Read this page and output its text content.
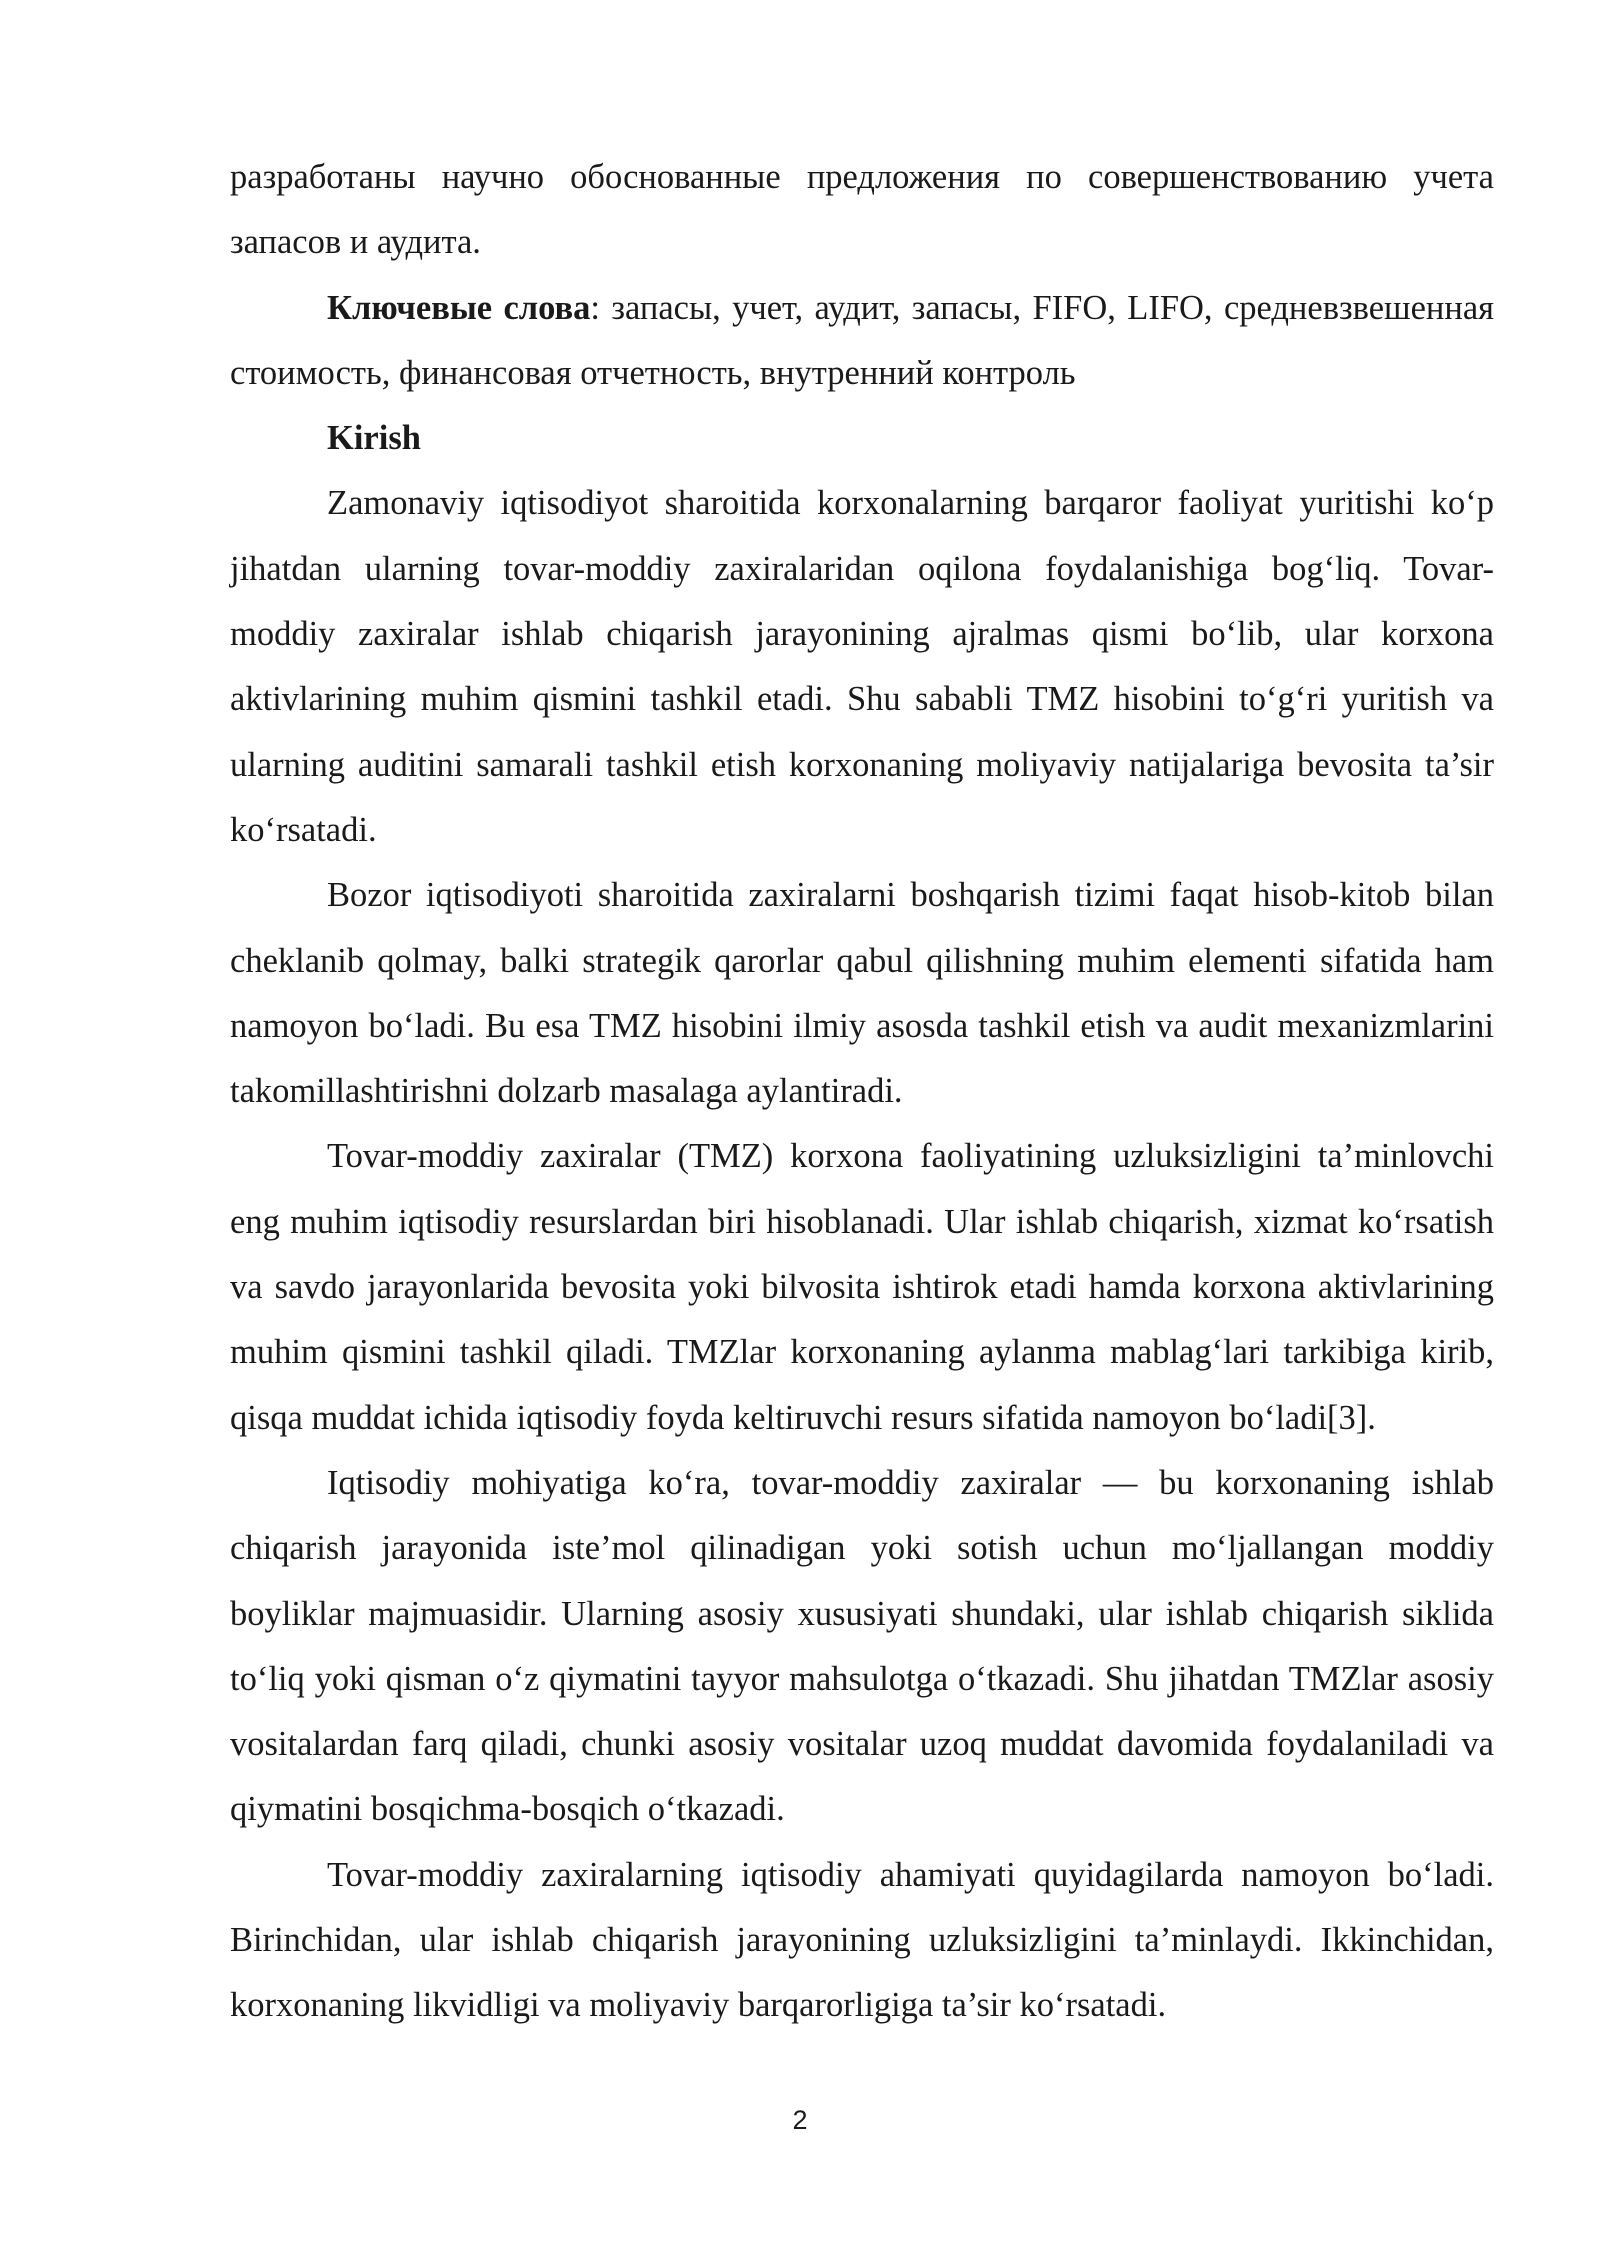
разработаны научно обоснованные предложения по совершенствованию учета запасов и аудита.

Ключевые слова: запасы, учет, аудит, запасы, FIFO, LIFO, средневзвешенная стоимость, финансовая отчетность, внутренний контроль

Kirish

Zamonaviy iqtisodiyot sharoitida korxonalarning barqaror faoliyat yuritishi ko‘p jihatdan ularning tovar-moddiy zaxiralaridan oqilona foydalanishiga bog‘liq. Tovar-moddiy zaxiralar ishlab chiqarish jarayonining ajralmas qismi bo‘lib, ular korxona aktivlarining muhim qismini tashkil etadi. Shu sababli TMZ hisobini to‘g‘ri yuritish va ularning auditini samarali tashkil etish korxonaning moliyaviy natijalariga bevosita ta’sir ko‘rsatadi.

Bozor iqtisodiyoti sharoitida zaxiralarni boshqarish tizimi faqat hisob-kitob bilan cheklanib qolmay, balki strategik qarorlar qabul qilishning muhim elementi sifatida ham namoyon bo‘ladi. Bu esa TMZ hisobini ilmiy asosda tashkil etish va audit mexanizmlarini takomillashtirishni dolzarb masalaga aylantiradi.

Tovar-moddiy zaxiralar (TMZ) korxona faoliyatining uzluksizligini ta’minlovchi eng muhim iqtisodiy resurslardan biri hisoblanadi. Ular ishlab chiqarish, xizmat ko‘rsatish va savdo jarayonlarida bevosita yoki bilvosita ishtirok etadi hamda korxona aktivlarining muhim qismini tashkil qiladi. TMZlar korxonaning aylanma mablag‘lari tarkibiga kirib, qisqa muddat ichida iqtisodiy foyda keltiruvchi resurs sifatida namoyon bo‘ladi[3].

Iqtisodiy mohiyatiga ko‘ra, tovar-moddiy zaxiralar — bu korxonaning ishlab chiqarish jarayonida iste’mol qilinadigan yoki sotish uchun mo‘ljallangan moddiy boyliklar majmuasidir. Ularning asosiy xususiyati shundaki, ular ishlab chiqarish siklida to‘liq yoki qisman o‘z qiymatini tayyor mahsulotga o‘tkazadi. Shu jihatdan TMZlar asosiy vositalardan farq qiladi, chunki asosiy vositalar uzoq muddat davomida foydalaniladi va qiymatini bosqichma-bosqich o‘tkazadi.

Tovar-moddiy zaxiralarning iqtisodiy ahamiyati quyidagilarda namoyon bo‘ladi. Birinchidan, ular ishlab chiqarish jarayonining uzluksizligini ta’minlaydi. Ikkinchidan, korxonaning likvidligi va moliyaviy barqarorligiga ta’sir ko‘rsatadi.

2
